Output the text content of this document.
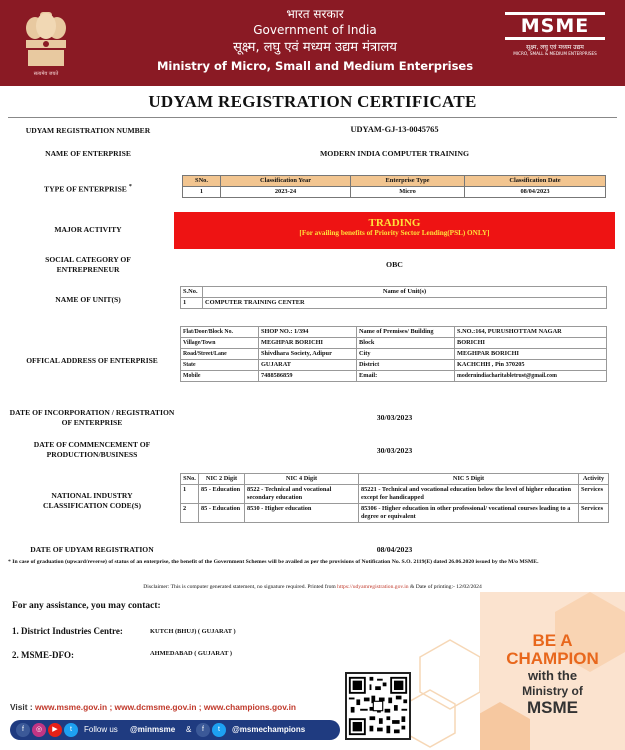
सत्यमेव जयते
भारत सरकार
Government of India
सूक्ष्म, लघु एवं मध्यम उद्यम मंत्रालय
Ministry of Micro, Small and Medium Enterprises
MSME
सूक्ष्म, लघु एवं मध्यम उद्यम
MICRO, SMALL & MEDIUM ENTERPRISES
UDYAM REGISTRATION CERTIFICATE
UDYAM REGISTRATION NUMBER	UDYAM-GJ-13-0045765
NAME OF ENTERPRISE	MODERN INDIA COMPUTER TRAINING
TYPE OF ENTERPRISE *
SNo.	Classification Year	Enterprise Type	Classification Date
1	2023-24	Micro	08/04/2023
MAJOR ACTIVITY
TRADING
[For availing benefits of Priority Sector Lending(PSL) ONLY]
SOCIAL CATEGORY OF ENTREPRENEUR	OBC
NAME OF UNIT(S)
S.No.	Name of Unit(s)
1	COMPUTER TRAINING CENTER
OFFICAL ADDRESS OF ENTERPRISE
Flat/Door/Block No.	SHOP NO.: 1/394	Name of Premises/ Building	S.NO.:164, PURUSHOTTAM NAGAR
Village/Town	MEGHPAR BORICHI	Block	BORICHI
Road/Street/Lane	Shivdhara Society, Adipur	City	MEGHPAR BORICHI
State	GUJARAT	District	KACHCHH , Pin 370205
Mobile	7488586859	Email:	modernindiacharitabletrust@gmail.com
DATE OF INCORPORATION / REGISTRATION OF ENTERPRISE	30/03/2023
DATE OF COMMENCEMENT OF PRODUCTION/BUSINESS	30/03/2023
NATIONAL INDUSTRY CLASSIFICATION CODE(S)
SNo.	NIC 2 Digit	NIC 4 Digit	NIC 5 Digit	Activity
1	85 - Education	8522 - Technical and vocational secondary education	85221 - Technical and vocational education below the level of higher education except for handicapped	Services
2	85 - Education	8530 - Higher education	85306 - Higher education in other professional/ vocational courses leading to a degree or equivalent	Services
DATE OF UDYAM REGISTRATION	08/04/2023
* In case of graduation (upward/reverse) of status of an enterprise, the benefit of the Government Schemes will be availed as per the provisions of Notification No. S.O. 2119(E) dated 26.06.2020 issued by the M/o MSME.
Disclaimer: This is computer generated statement, no signature required. Printed from https://udyamregistration.gov.in & Date of printing:- 12/02/2024
For any assistance, you may contact:
1. District Industries Centre:	KUTCH (BHUJ) ( GUJARAT )
2. MSME-DFO:	AHMEDABAD ( GUJARAT )
BE A
CHAMPION
with the
Ministry of
MSME
Visit : www.msme.gov.in ; www.dcmsme.gov.in ; www.champions.gov.in
f	◎	▶	t	Follow us @minmsme &	f	t	@msmechampions
